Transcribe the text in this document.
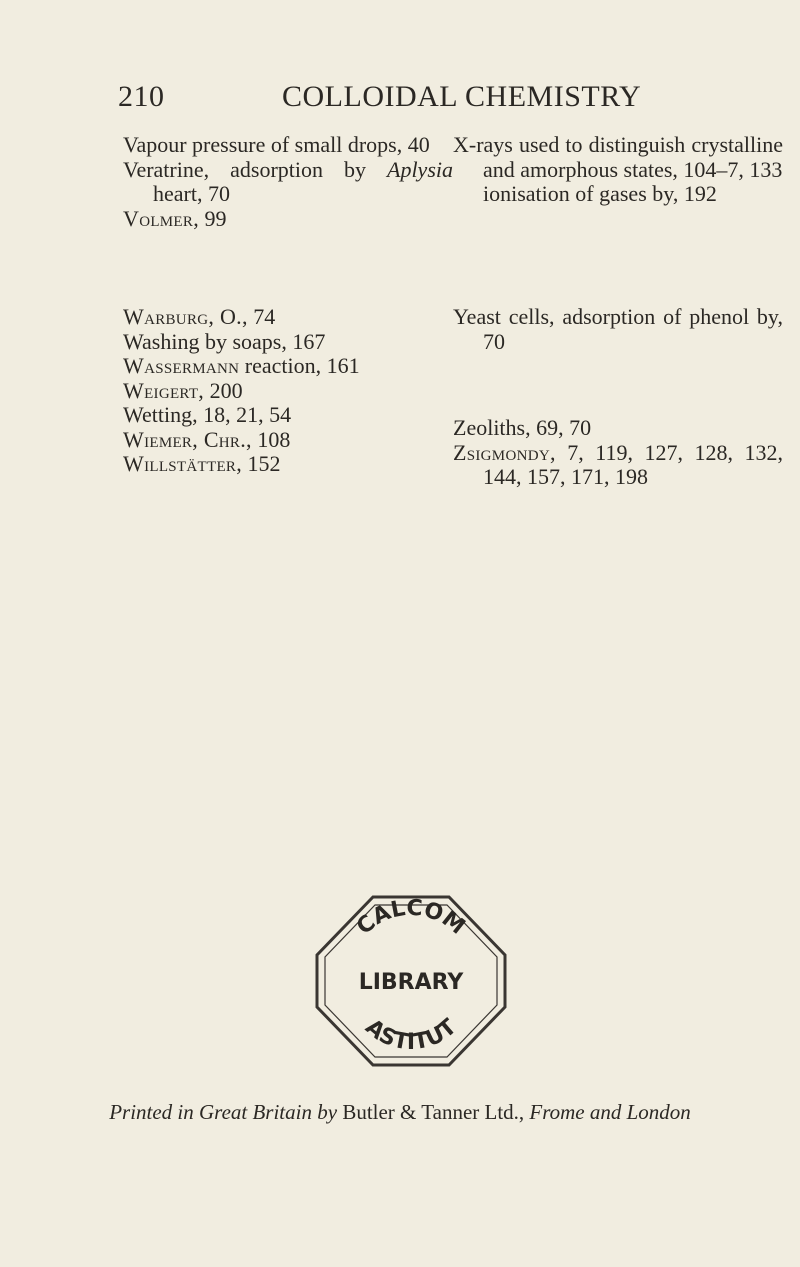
210	COLLOIDAL CHEMISTRY
Vapour pressure of small drops, 40
Veratrine, adsorption by Aplysia heart, 70
Volmer, 99
Warburg, O., 74
Washing by soaps, 167
Wassermann reaction, 161
Weigert, 200
Wetting, 18, 21, 54
Wiemer, Chr., 108
Willstätter, 152
X-rays used to distinguish crystalline and amorphous states, 104–7, 133
ionisation of gases by, 192
Yeast cells, adsorption of phenol by, 70
Zeoliths, 69, 70
Zsigmondy, 7, 119, 127, 128, 132, 144, 157, 171, 198
CALCOM
LIBRARY
ASTITUT
Printed in Great Britain by Butler & Tanner Ltd., Frome and London
